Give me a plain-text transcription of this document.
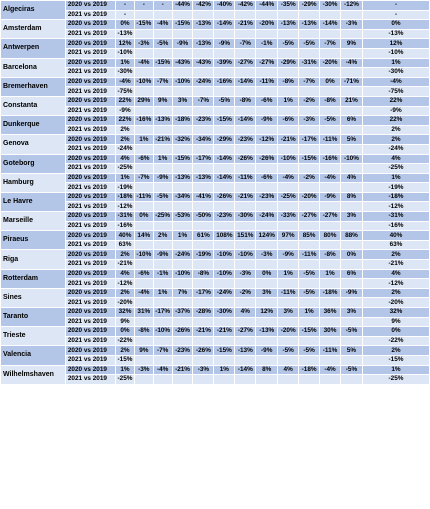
Algeciras	2020 vs 2019	-	-	-	-44%	-42%	-40%	-42%	-44%	-35%	-29%	-30%	-12%	-
	2021 vs 2019	-												-
Amsterdam	2020 vs 2019	0%	-15%	-4%	-15%	-13%	-14%	-21%	-20%	-13%	-13%	-14%	-3%	0%
	2021 vs 2019	-13%												-13%
Antwerpen	2020 vs 2019	12%	-3%	-5%	-9%	-13%	-9%	-7%	-1%	-5%	-5%	-7%	9%	12%
	2021 vs 2019	-10%												-10%
Barcelona	2020 vs 2019	1%	-4%	-15%	-43%	-43%	-39%	-27%	-27%	-29%	-31%	-20%	-4%	1%
	2021 vs 2019	-30%												-30%
Bremerhaven	2020 vs 2019	-4%	-10%	-7%	-10%	-24%	-16%	-14%	-11%	-8%	-7%	0%	-71%	-4%
	2021 vs 2019	-75%												-75%
Constanta	2020 vs 2019	22%	29%	9%	3%	-7%	-5%	-8%	-6%	1%	-2%	-8%	21%	22%
	2021 vs 2019	-9%												-9%
Dunkerque	2020 vs 2019	22%	-16%	-13%	-18%	-23%	-15%	-14%	-9%	-6%	-3%	-5%	6%	22%
	2021 vs 2019	2%												2%
Genova	2020 vs 2019	2%	1%	-21%	-32%	-34%	-29%	-23%	-12%	-21%	-17%	-11%	5%	2%
	2021 vs 2019	-24%												-24%
Goteborg	2020 vs 2019	4%	-6%	1%	-15%	-17%	-14%	-26%	-26%	-10%	-15%	-16%	-10%	4%
	2021 vs 2019	-25%												-25%
Hamburg	2020 vs 2019	1%	-7%	-9%	-13%	-13%	-14%	-11%	-6%	-4%	-2%	-4%	4%	1%
	2021 vs 2019	-19%												-19%
Le Havre	2020 vs 2019	-18%	-11%	-5%	-34%	-41%	-26%	-21%	-23%	-25%	-20%	-9%	8%	-18%
	2021 vs 2019	-12%												-12%
Marseille	2020 vs 2019	-31%	0%	-25%	-53%	-50%	-23%	-30%	-24%	-33%	-27%	-27%	3%	-31%
	2021 vs 2019	-16%												-16%
Piraeus	2020 vs 2019	40%	14%	2%	1%	61%	108%	151%	124%	97%	85%	80%	88%	40%
	2021 vs 2019	63%												63%
Riga	2020 vs 2019	2%	-10%	-9%	-24%	-19%	-10%	-10%	-3%	-9%	-11%	-8%	0%	2%
	2021 vs 2019	-21%												-21%
Rotterdam	2020 vs 2019	4%	-6%	-1%	-10%	-8%	-10%	-3%	0%	1%	-5%	1%	6%	4%
	2021 vs 2019	-12%												-12%
Sines	2020 vs 2019	2%	-4%	1%	7%	-17%	-24%	-2%	3%	-11%	-5%	-18%	-9%	2%
	2021 vs 2019	-20%												-20%
Taranto	2020 vs 2019	32%	31%	-17%	-37%	-28%	-30%	4%	12%	3%	1%	36%	3%	32%
	2021 vs 2019	9%												9%
Trieste	2020 vs 2019	0%	-8%	-10%	-26%	-21%	-21%	-27%	-13%	-20%	-15%	30%	-5%	0%
	2021 vs 2019	-22%												-22%
Valencia	2020 vs 2019	2%	9%	-7%	-23%	-26%	-15%	-13%	-9%	-5%	-5%	-11%	5%	2%
	2021 vs 2019	-15%												-15%
Wilhelmshaven	2020 vs 2019	1%	-3%	-4%	-21%	-3%	1%	-14%	8%	4%	-18%	-4%	-5%	1%
	2021 vs 2019	-25%												-25%
